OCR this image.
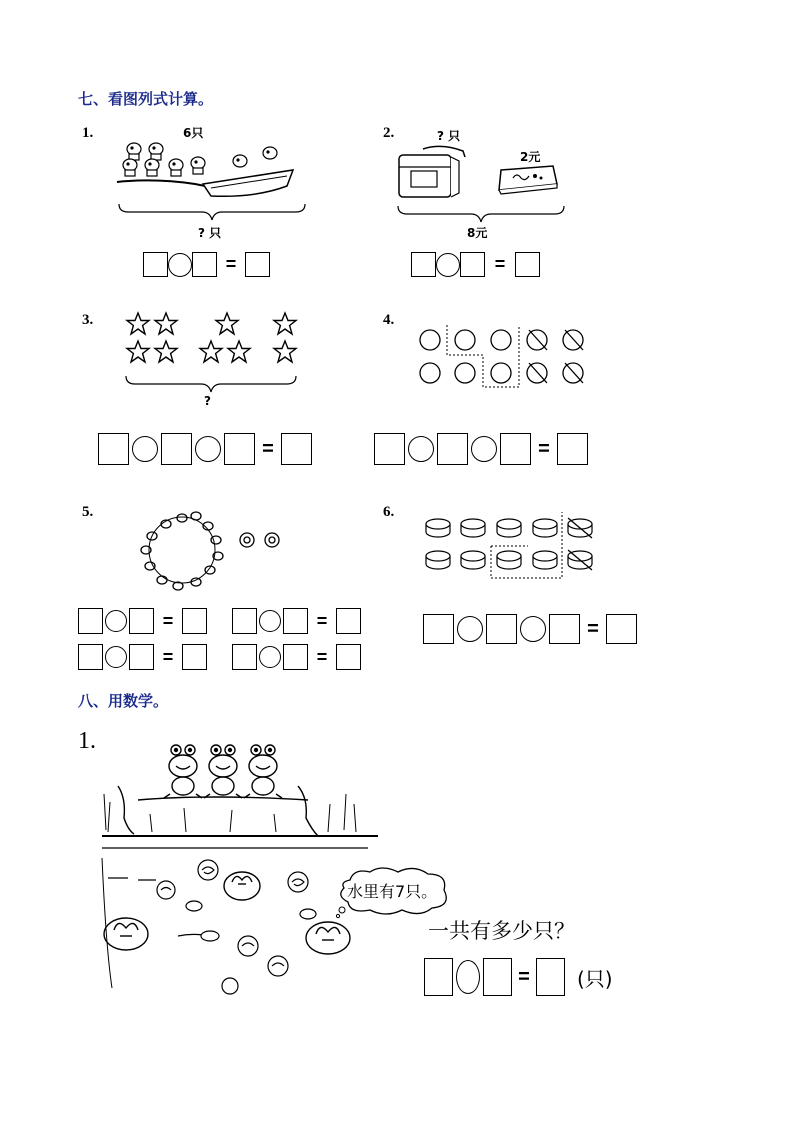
七、看图列式计算。
1.	6只
? 只
=
2.	? 只
2元
8元
=
3.
?
=
4.
=
5.
=	=
=	=
6.
=
八、用数学。
1.
水里有7只。
一共有多少只？
=	(只)
